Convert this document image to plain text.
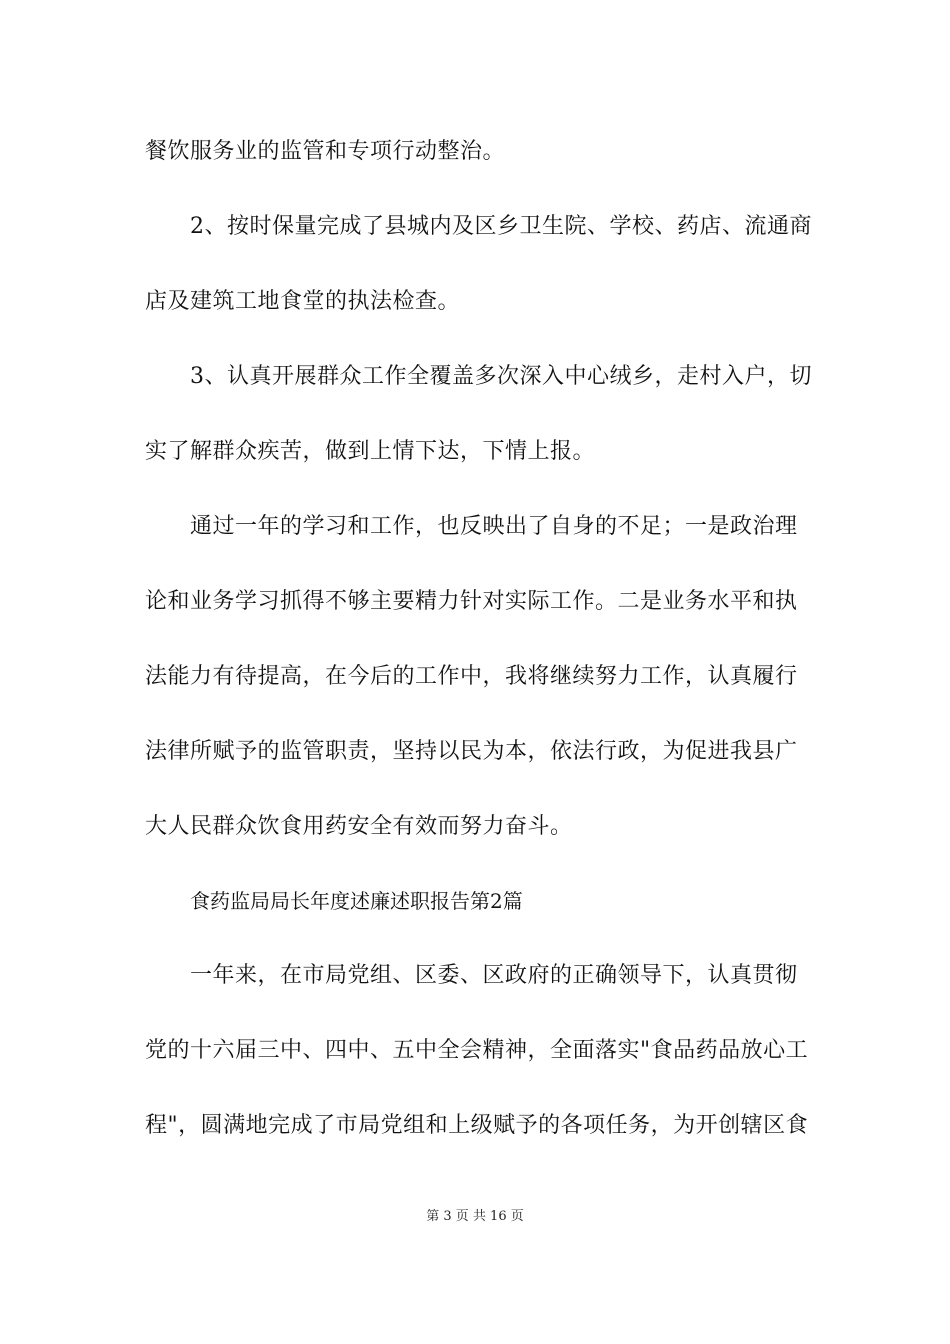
餐饮服务业的监管和专项行动整治。
2、按时保量完成了县城内及区乡卫生院、学校、药店、流通商
店及建筑工地食堂的执法检查。
3、认真开展群众工作全覆盖多次深入中心绒乡，走村入户，切
实了解群众疾苦，做到上情下达，下情上报。
通过一年的学习和工作，也反映出了自身的不足；一是政治理
论和业务学习抓得不够主要精力针对实际工作。二是业务水平和执
法能力有待提高，在今后的工作中，我将继续努力工作，认真履行
法律所赋予的监管职责，坚持以民为本，依法行政，为促进我县广
大人民群众饮食用药安全有效而努力奋斗。
食药监局局长年度述廉述职报告第2篇
一年来，在市局党组、区委、区政府的正确领导下，认真贯彻
党的十六届三中、四中、五中全会精神，全面落实"食品药品放心工
程"，圆满地完成了市局党组和上级赋予的各项任务，为开创辖区食
第 3 页 共 16 页
